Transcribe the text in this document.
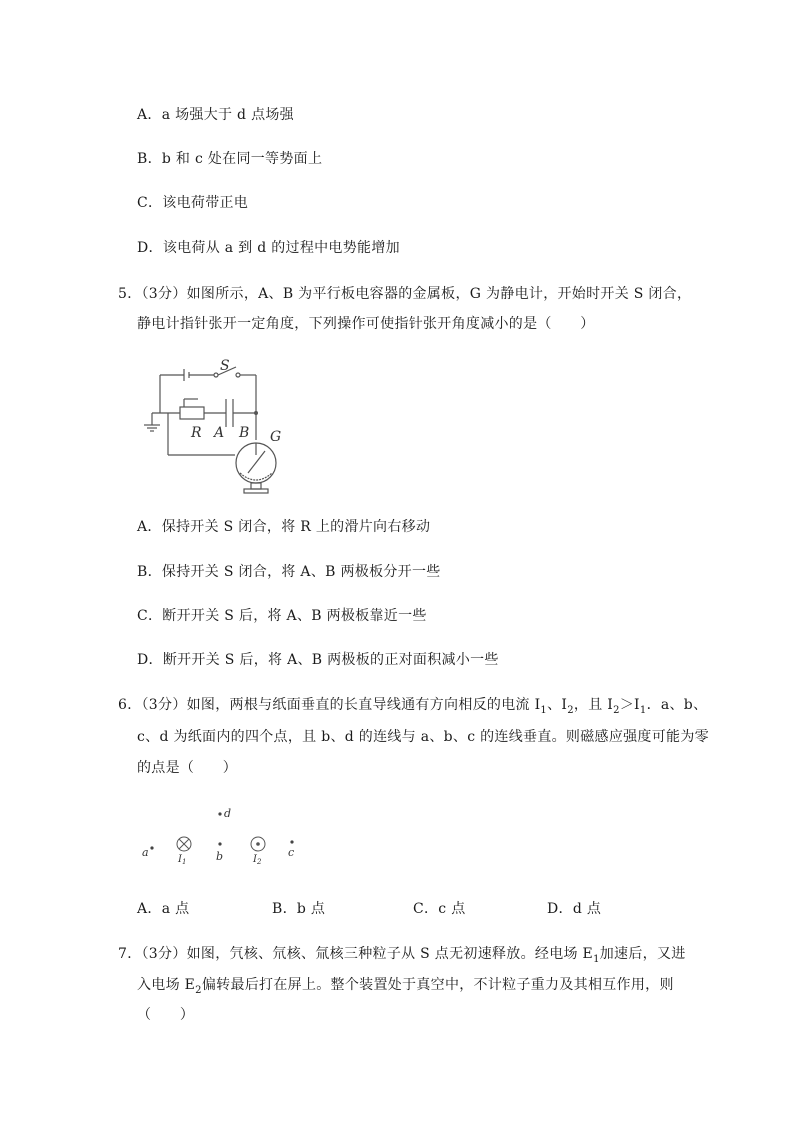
A．a 场强大于 d 点场强
B．b 和 c 处在同一等势面上
C．该电荷带正电
D．该电荷从 a 到 d 的过程中电势能增加
5．（3分）如图所示，A、B 为平行板电容器的金属板，G 为静电计，开始时开关 S 闭合，
静电计指针张开一定角度，下列操作可使指针张开角度减小的是（　　）
S
R A B G
A．保持开关 S 闭合，将 R 上的滑片向右移动
B．保持开关 S 闭合，将 A、B 两极板分开一些
C．断开开关 S 后，将 A、B 两极板靠近一些
D．断开开关 S 后，将 A、B 两极板的正对面积减小一些
6．（3分）如图，两根与纸面垂直的长直导线通有方向相反的电流 $I_1$、$I_2$，且 $I_2>I_1$．a、b、
c、d 为纸面内的四个点，且 b、d 的连线与 a、b、c 的连线垂直。则磁感应强度可能为零
的点是（　　）
a
$I_1$
d
b	$I_2$
c
A．a 点	B．b 点	C．c 点	D．d 点
7．（3分）如图，氕核、氘核、氚核三种粒子从 S 点无初速释放。经电场 $E_1$加速后，又进
入电场 $E_2$偏转最后打在屏上。整个装置处于真空中，不计粒子重力及其相互作用，则
（　　）
